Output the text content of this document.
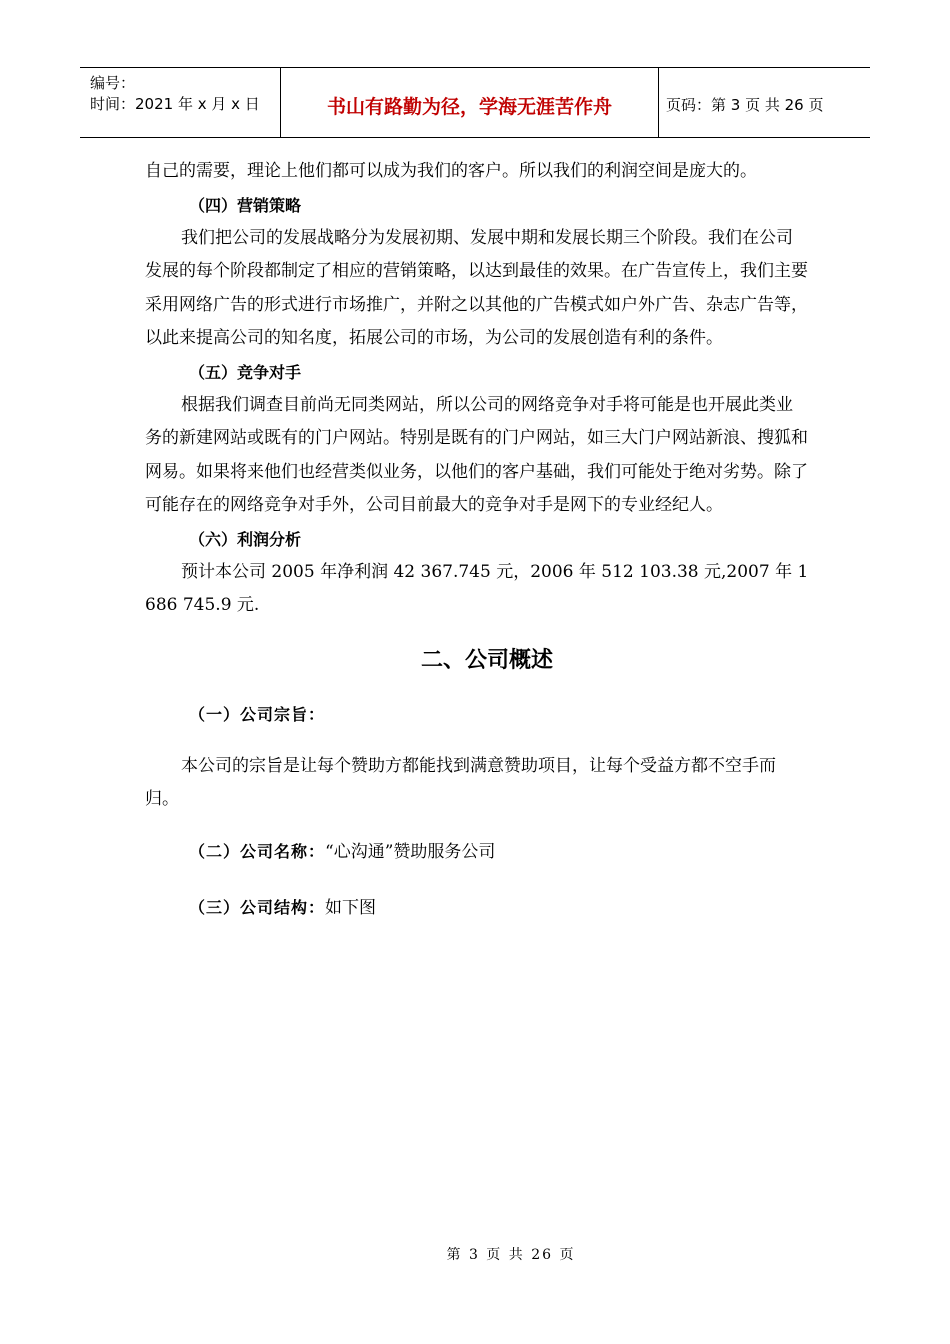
编号：
时间：2021 年 x 月 x 日	书山有路勤为径，学海无涯苦作舟	页码：第 3 页 共 26 页

自己的需要，理论上他们都可以成为我们的客户。所以我们的利润空间是庞大的。

（四）营销策略

我们把公司的发展战略分为发展初期、发展中期和发展长期三个阶段。我们在公司发展的每个阶段都制定了相应的营销策略，以达到最佳的效果。在广告宣传上，我们主要采用网络广告的形式进行市场推广，并附之以其他的广告模式如户外广告、杂志广告等，以此来提高公司的知名度，拓展公司的市场，为公司的发展创造有利的条件。

（五）竞争对手

根据我们调查目前尚无同类网站，所以公司的网络竞争对手将可能是也开展此类业务的新建网站或既有的门户网站。特别是既有的门户网站，如三大门户网站新浪、搜狐和网易。如果将来他们也经营类似业务，以他们的客户基础，我们可能处于绝对劣势。除了可能存在的网络竞争对手外，公司目前最大的竞争对手是网下的专业经纪人。

（六）利润分析

预计本公司 2005 年净利润 42 367.745 元，2006 年 512 103.38 元,2007 年 1 686 745.9 元.

二、公司概述

（一）公司宗旨：

本公司的宗旨是让每个赞助方都能找到满意赞助项目，让每个受益方都不空手而归。

（二）公司名称：“心沟通”赞助服务公司

（三）公司结构：如下图

第 3 页 共 26 页
